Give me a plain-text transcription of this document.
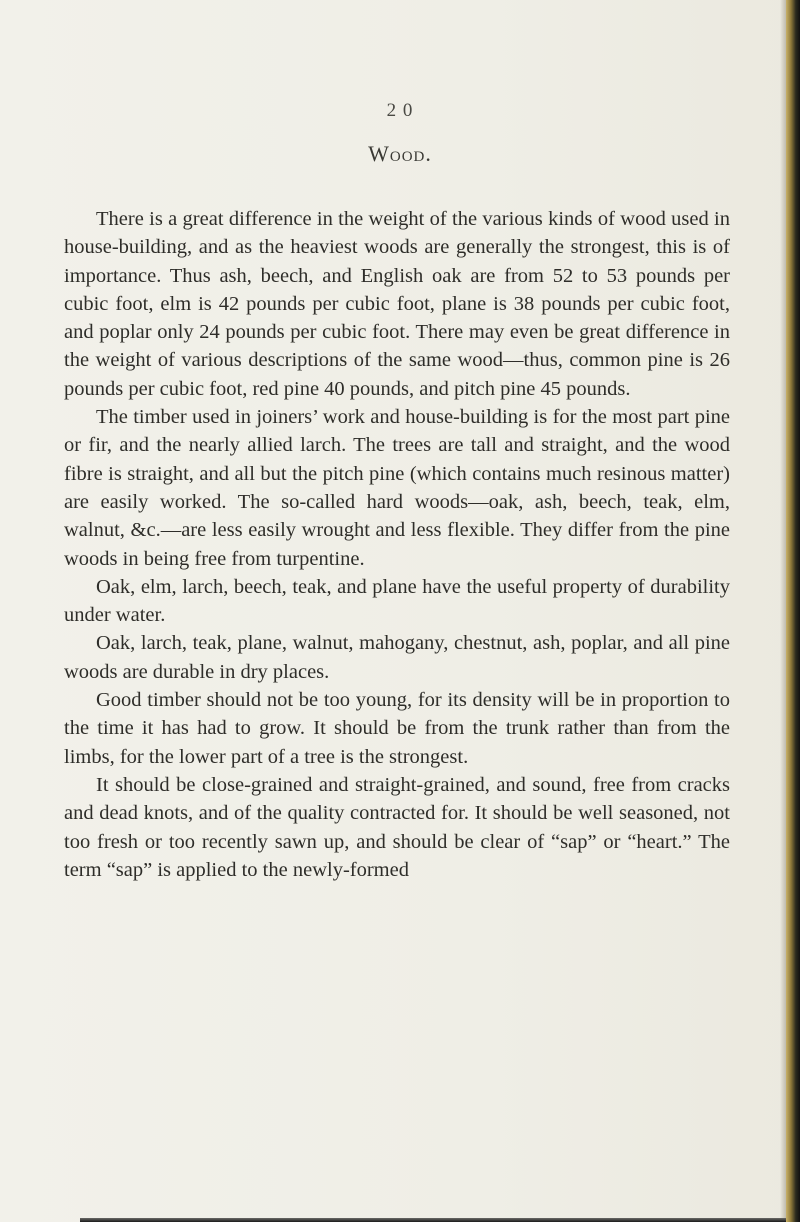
2 0
Wood.

There is a great difference in the weight of the various kinds of wood used in house-building, and as the heaviest woods are generally the strongest, this is of importance. Thus ash, beech, and English oak are from 52 to 53 pounds per cubic foot, elm is 42 pounds per cubic foot, plane is 38 pounds per cubic foot, and poplar only 24 pounds per cubic foot. There may even be great difference in the weight of various descriptions of the same wood—thus, common pine is 26 pounds per cubic foot, red pine 40 pounds, and pitch pine 45 pounds.

The timber used in joiners’ work and house-building is for the most part pine or fir, and the nearly allied larch. The trees are tall and straight, and the wood fibre is straight, and all but the pitch pine (which contains much resinous matter) are easily worked. The so-called hard woods—oak, ash, beech, teak, elm, walnut, &c.—are less easily wrought and less flexible. They differ from the pine woods in being free from turpentine.

Oak, elm, larch, beech, teak, and plane have the useful property of durability under water.

Oak, larch, teak, plane, walnut, mahogany, chestnut, ash, poplar, and all pine woods are durable in dry places.

Good timber should not be too young, for its density will be in proportion to the time it has had to grow. It should be from the trunk rather than from the limbs, for the lower part of a tree is the strongest.

It should be close-grained and straight-grained, and sound, free from cracks and dead knots, and of the quality contracted for. It should be well seasoned, not too fresh or too recently sawn up, and should be clear of “sap” or “heart.” The term “sap” is applied to the newly-formed
